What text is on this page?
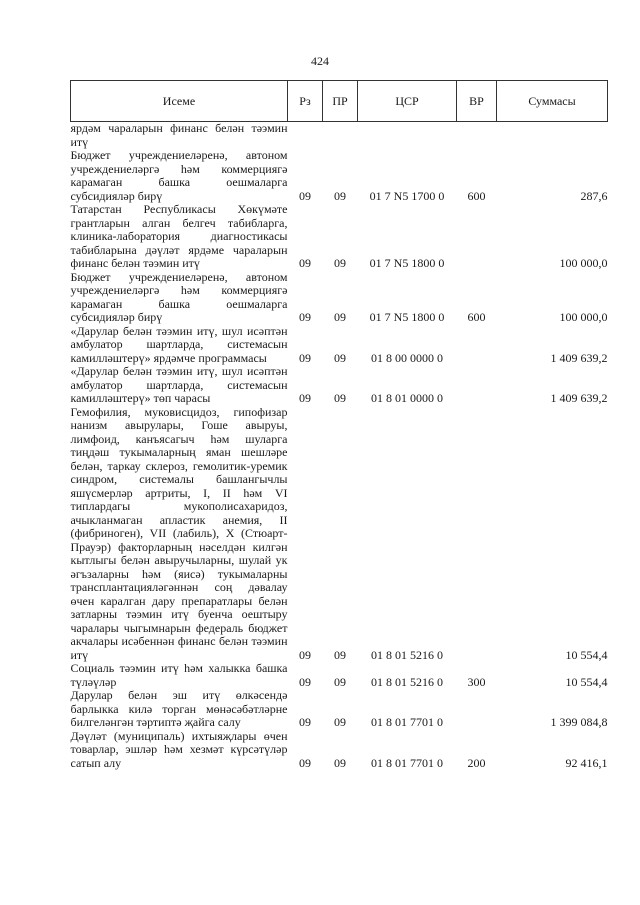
424
Исеме	Рз	ПР	ЦСР	ВР	Суммасы
ярдәм чараларын финанс белән тәэмин итү					
Бюджет учреждениеләренә, автоном учреждениеләргә һәм коммерциягә карамаган башка оешмаларга субсидияләр бирү	09	09	01 7 N5 1700 0	600	287,6
Татарстан Республикасы Хөкүмәте грантларын алган белгеч табибларга, клиника-лаборатория диагностикасы табибларына дәүләт ярдәме чараларын финанс белән тәэмин итү	09	09	01 7 N5 1800 0		100 000,0
Бюджет учреждениеләренә, автоном учреждениеләргә һәм коммерциягә карамаган башка оешмаларга субсидияләр бирү	09	09	01 7 N5 1800 0	600	100 000,0
«Дарулар белән тәэмин итү, шул исәптән амбулатор шартларда, системасын камилләштерү» ярдәмче программасы	09	09	01 8 00 0000 0		1 409 639,2
«Дарулар белән тәэмин итү, шул исәптән амбулатор шартларда, системасын камилләштерү» төп чарасы	09	09	01 8 01 0000 0		1 409 639,2
Гемофилия, муковисцидоз, гипофизар нанизм авырулары, Гоше авыруы, лимфоид, канъясагыч һәм шуларга тиңдәш тукымаларның яман шешләре белән, таркау склероз, гемолитик-уремик синдром, системалы башлангычлы яшүсмерләр артриты, I, II һәм VI типлардагы мукополисахаридоз, ачыкланмаган апластик анемия, II (фибриноген), VII (лабиль), X (Стюарт-Прауэр) факторларның нәселдән килгән кытлыгы белән авыручыларны, шулай ук әгъзаларны һәм (яисә) тукымаларны трансплантацияләгәннән соң дәвалау өчен каралган дару препаратлары белән затларны тәэмин итү буенча оештыру чаралары чыгымнарын федераль бюджет акчалары исәбеннән финанс белән тәэмин итү	09	09	01 8 01 5216 0		10 554,4
Социаль тәэмин итү һәм халыкка башка түләүләр	09	09	01 8 01 5216 0	300	10 554,4
Дарулар белән эш итү өлкәсендә барлыкка килә торган мөнәсәбәтләрне билгеләнгән тәртиптә җайга салу	09	09	01 8 01 7701 0		1 399 084,8
Дәүләт (муниципаль) ихтыяҗлары өчен товарлар, эшләр һәм хезмәт күрсәтүләр сатып алу	09	09	01 8 01 7701 0	200	92 416,1
